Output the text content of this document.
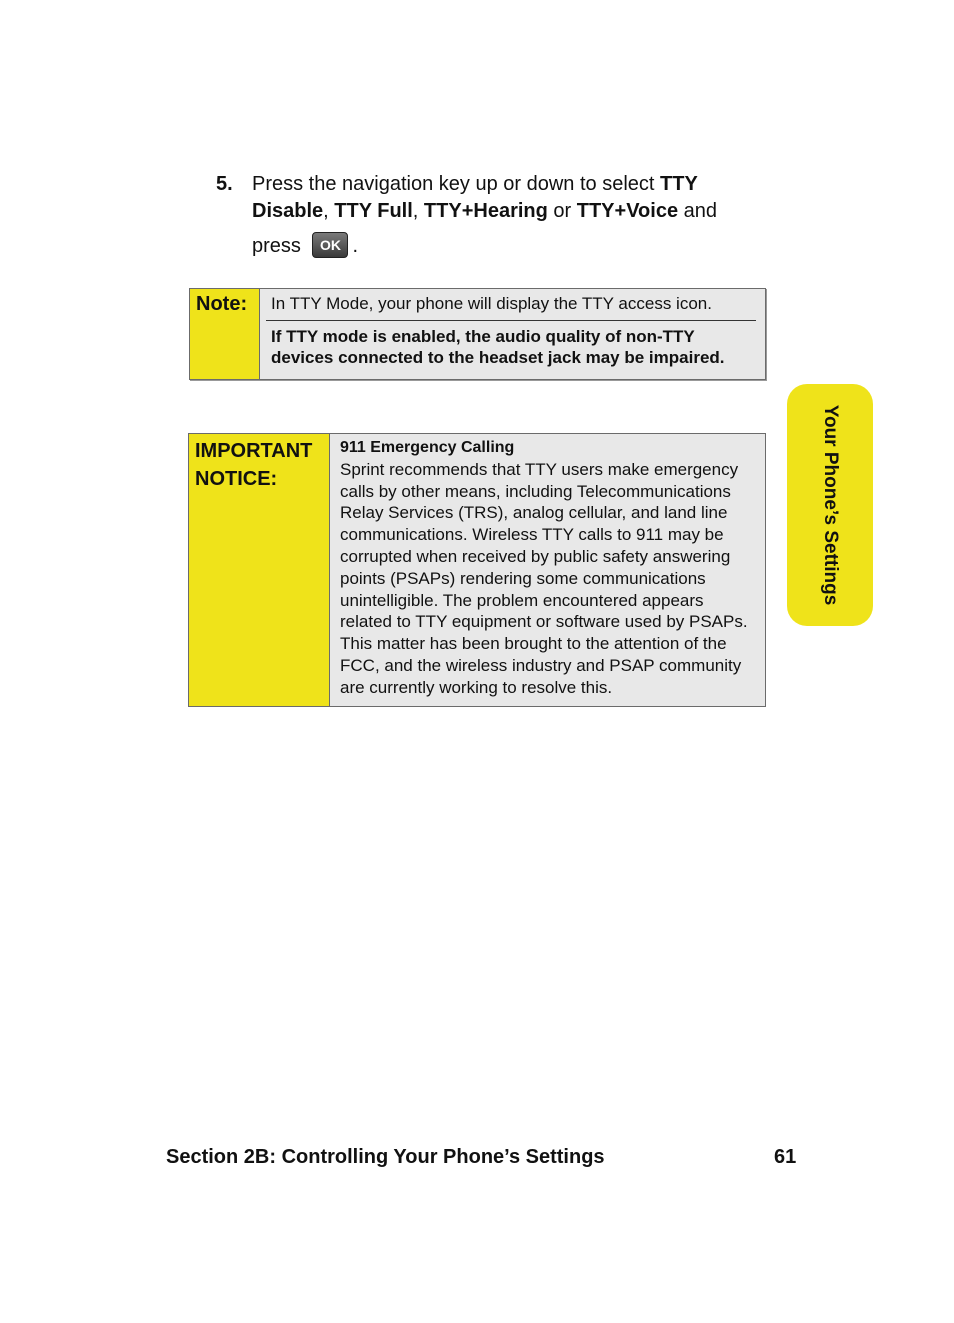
5. Press the navigation key up or down to select TTY Disable, TTY Full, TTY+Hearing or TTY+Voice and
press OK .
Note:	In TTY Mode, your phone will display the TTY access icon.
If TTY mode is enabled, the audio quality of non-TTY devices connected to the headset jack may be impaired.
IMPORTANT
NOTICE:
911 Emergency Calling
Sprint recommends that TTY users make emergency calls by other means, including Telecommunications Relay Services (TRS), analog cellular, and land line communications. Wireless TTY calls to 911 may be corrupted when received by public safety answering points (PSAPs) rendering some communications unintelligible. The problem encountered appears related to TTY equipment or software used by PSAPs. This matter has been brought to the attention of the FCC, and the wireless industry and PSAP community are currently working to resolve this.
Your Phone’s Settings
Section 2B: Controlling Your Phone’s Settings	61
